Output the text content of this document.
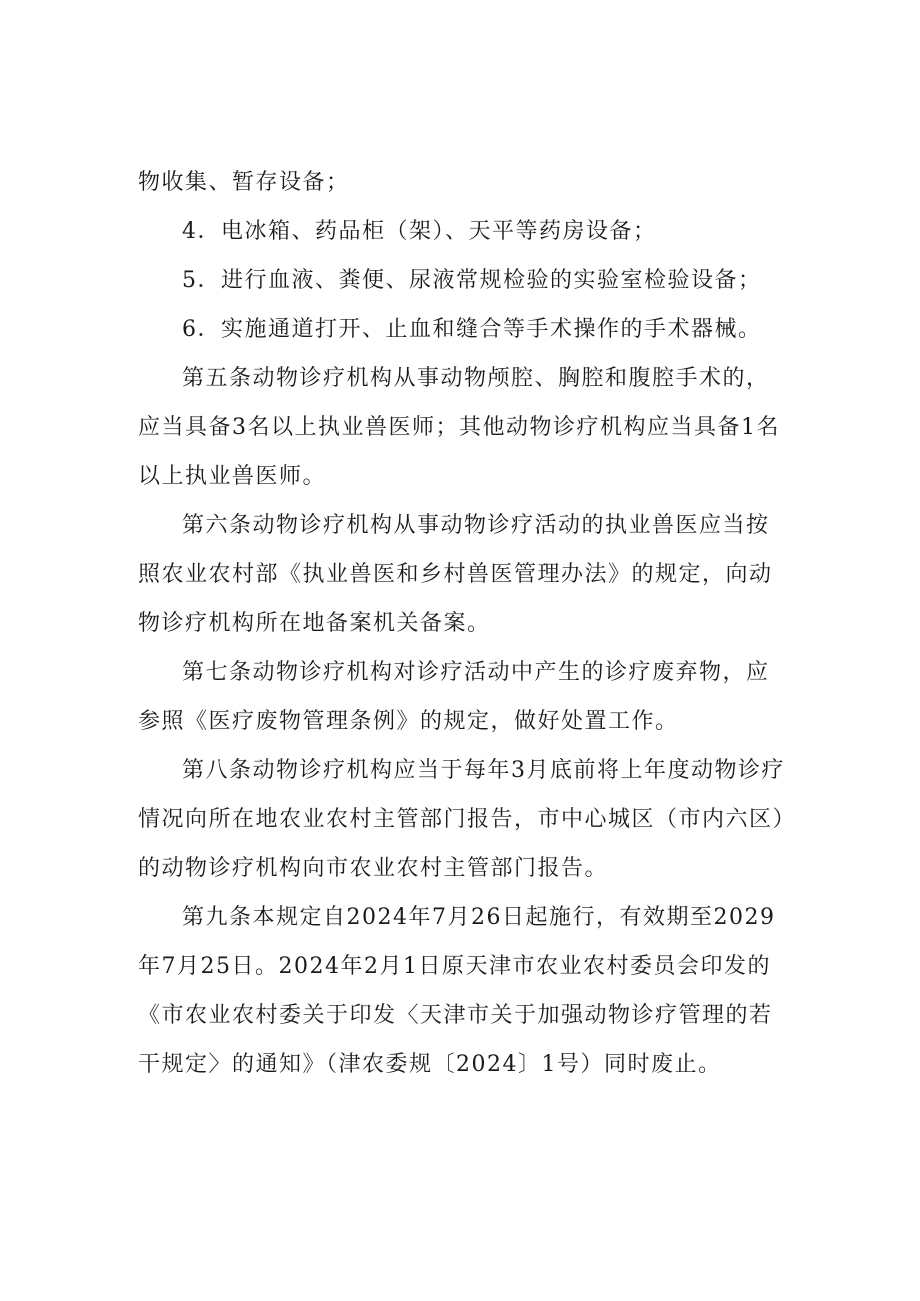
物收集、暂存设备；

4．电冰箱、药品柜（架）、天平等药房设备；

5．进行血液、粪便、尿液常规检验的实验室检验设备；

6．实施通道打开、止血和缝合等手术操作的手术器械。

第五条动物诊疗机构从事动物颅腔、胸腔和腹腔手术的，应当具备3名以上执业兽医师；其他动物诊疗机构应当具备1名以上执业兽医师。

第六条动物诊疗机构从事动物诊疗活动的执业兽医应当按照农业农村部《执业兽医和乡村兽医管理办法》的规定，向动物诊疗机构所在地备案机关备案。

第七条动物诊疗机构对诊疗活动中产生的诊疗废弃物，应参照《医疗废物管理条例》的规定，做好处置工作。

第八条动物诊疗机构应当于每年3月底前将上年度动物诊疗情况向所在地农业农村主管部门报告，市中心城区（市内六区）的动物诊疗机构向市农业农村主管部门报告。

第九条本规定自2024年7月26日起施行，有效期至2029年7月25日。2024年2月1日原天津市农业农村委员会印发的《市农业农村委关于印发〈天津市关于加强动物诊疗管理的若干规定〉的通知》（津农委规〔2024〕1号）同时废止。
